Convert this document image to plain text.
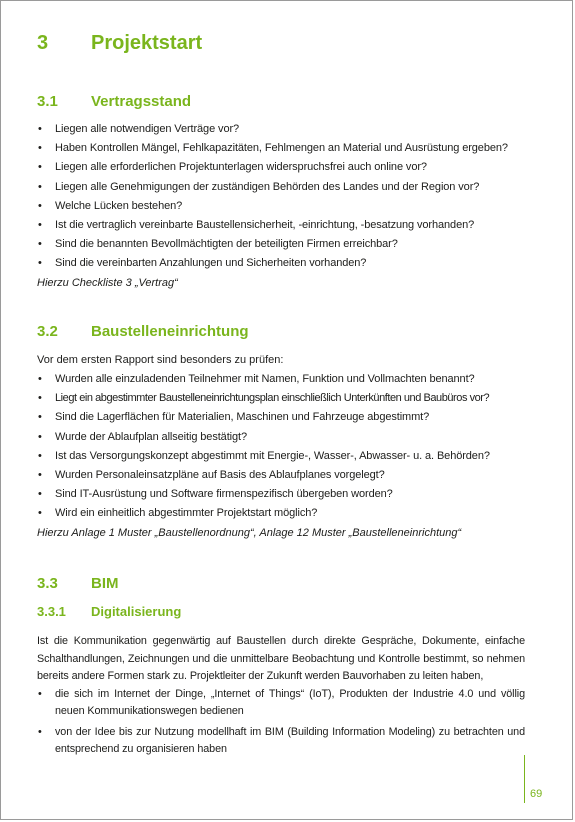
3 Projektstart
3.1 Vertragsstand
• Liegen alle notwendigen Verträge vor?
• Haben Kontrollen Mängel, Fehlkapazitäten, Fehlmengen an Material und Ausrüstung ergeben?
• Liegen alle erforderlichen Projektunterlagen widerspruchsfrei auch online vor?
• Liegen alle Genehmigungen der zuständigen Behörden des Landes und der Region vor?
• Welche Lücken bestehen?
• Ist die vertraglich vereinbarte Baustellensicherheit, -einrichtung, -besatzung vorhanden?
• Sind die benannten Bevollmächtigten der beteiligten Firmen erreichbar?
• Sind die vereinbarten Anzahlungen und Sicherheiten vorhanden?
Hierzu Checkliste 3 „Vertrag“
3.2 Baustelleneinrichtung
Vor dem ersten Rapport sind besonders zu prüfen:
• Wurden alle einzuladenden Teilnehmer mit Namen, Funktion und Vollmachten benannt?
• Liegt ein abgestimmter Baustelleneinrichtungsplan einschließlich Unterkünften und Baubüros vor?
• Sind die Lagerflächen für Materialien, Maschinen und Fahrzeuge abgestimmt?
• Wurde der Ablaufplan allseitig bestätigt?
• Ist das Versorgungskonzept abgestimmt mit Energie-, Wasser-, Abwasser- u. a. Behörden?
• Wurden Personaleinsatzpläne auf Basis des Ablaufplanes vorgelegt?
• Sind IT-Ausrüstung und Software firmenspezifisch übergeben worden?
• Wird ein einheitlich abgestimmter Projektstart möglich?
Hierzu Anlage 1 Muster „Baustellenordnung“, Anlage 12 Muster „Baustelleneinrichtung“
3.3 BIM
3.3.1 Digitalisierung
Ist die Kommunikation gegenwärtig auf Baustellen durch direkte Gespräche, Dokumente, einfache Schalthandlungen, Zeichnungen und die unmittelbare Beobachtung und Kontrolle bestimmt, so nehmen bereits andere Formen stark zu. Projektleiter der Zukunft werden Bauvorhaben zu leiten haben,
• die sich im Internet der Dinge, „Internet of Things“ (IoT), Produkten der Industrie 4.0 und völlig neuen Kommunikationswegen bedienen
• von der Idee bis zur Nutzung modellhaft im BIM (Building Information Modeling) zu betrachten und entsprechend zu organisieren haben
69
